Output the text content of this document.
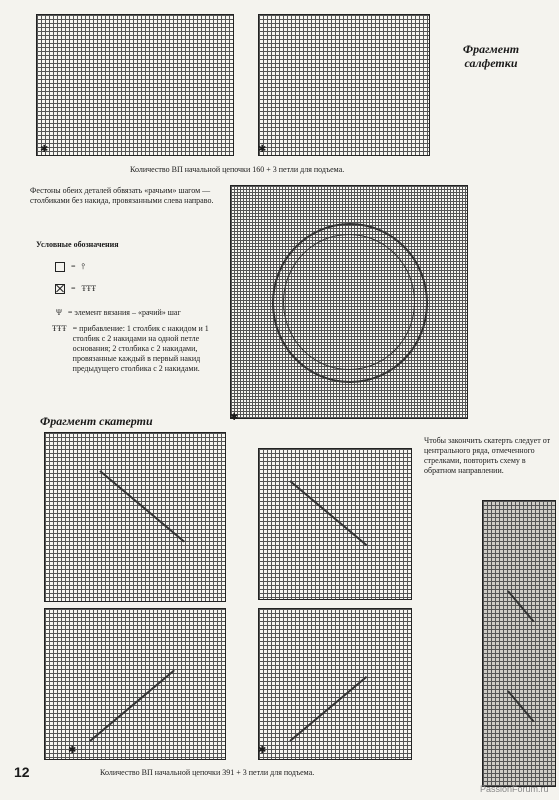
✱	✱
Фрагмент
салфетки
Количество ВП начальной цепочки 160 + 3 петли для подъема.
Фестоны обеих деталей обвязать «рачьим» шагом — столбиками без накида, провязанными слева направо.
Условные обозначения
= ⫯
= ŦŦŦ
Ψ = элемент вязания – «рачий» шаг
ŦŦŦ = прибавление: 1 столбик с накидом и 1 столбик с 2 накидами на одной петле основания; 2 столбика с 2 накидами, провязанные каждый в первый накид предыдущего столбика с 2 накидами.
✱
Фрагмент скатерти
✱	✱
Количество ВП начальной цепочки 391 + 3 петли для подъема.
Чтобы закончить скатерть следует от центрального ряда, отмеченного стрелками, повторить схему в обратном направлении.
12
PassionForum.ru
